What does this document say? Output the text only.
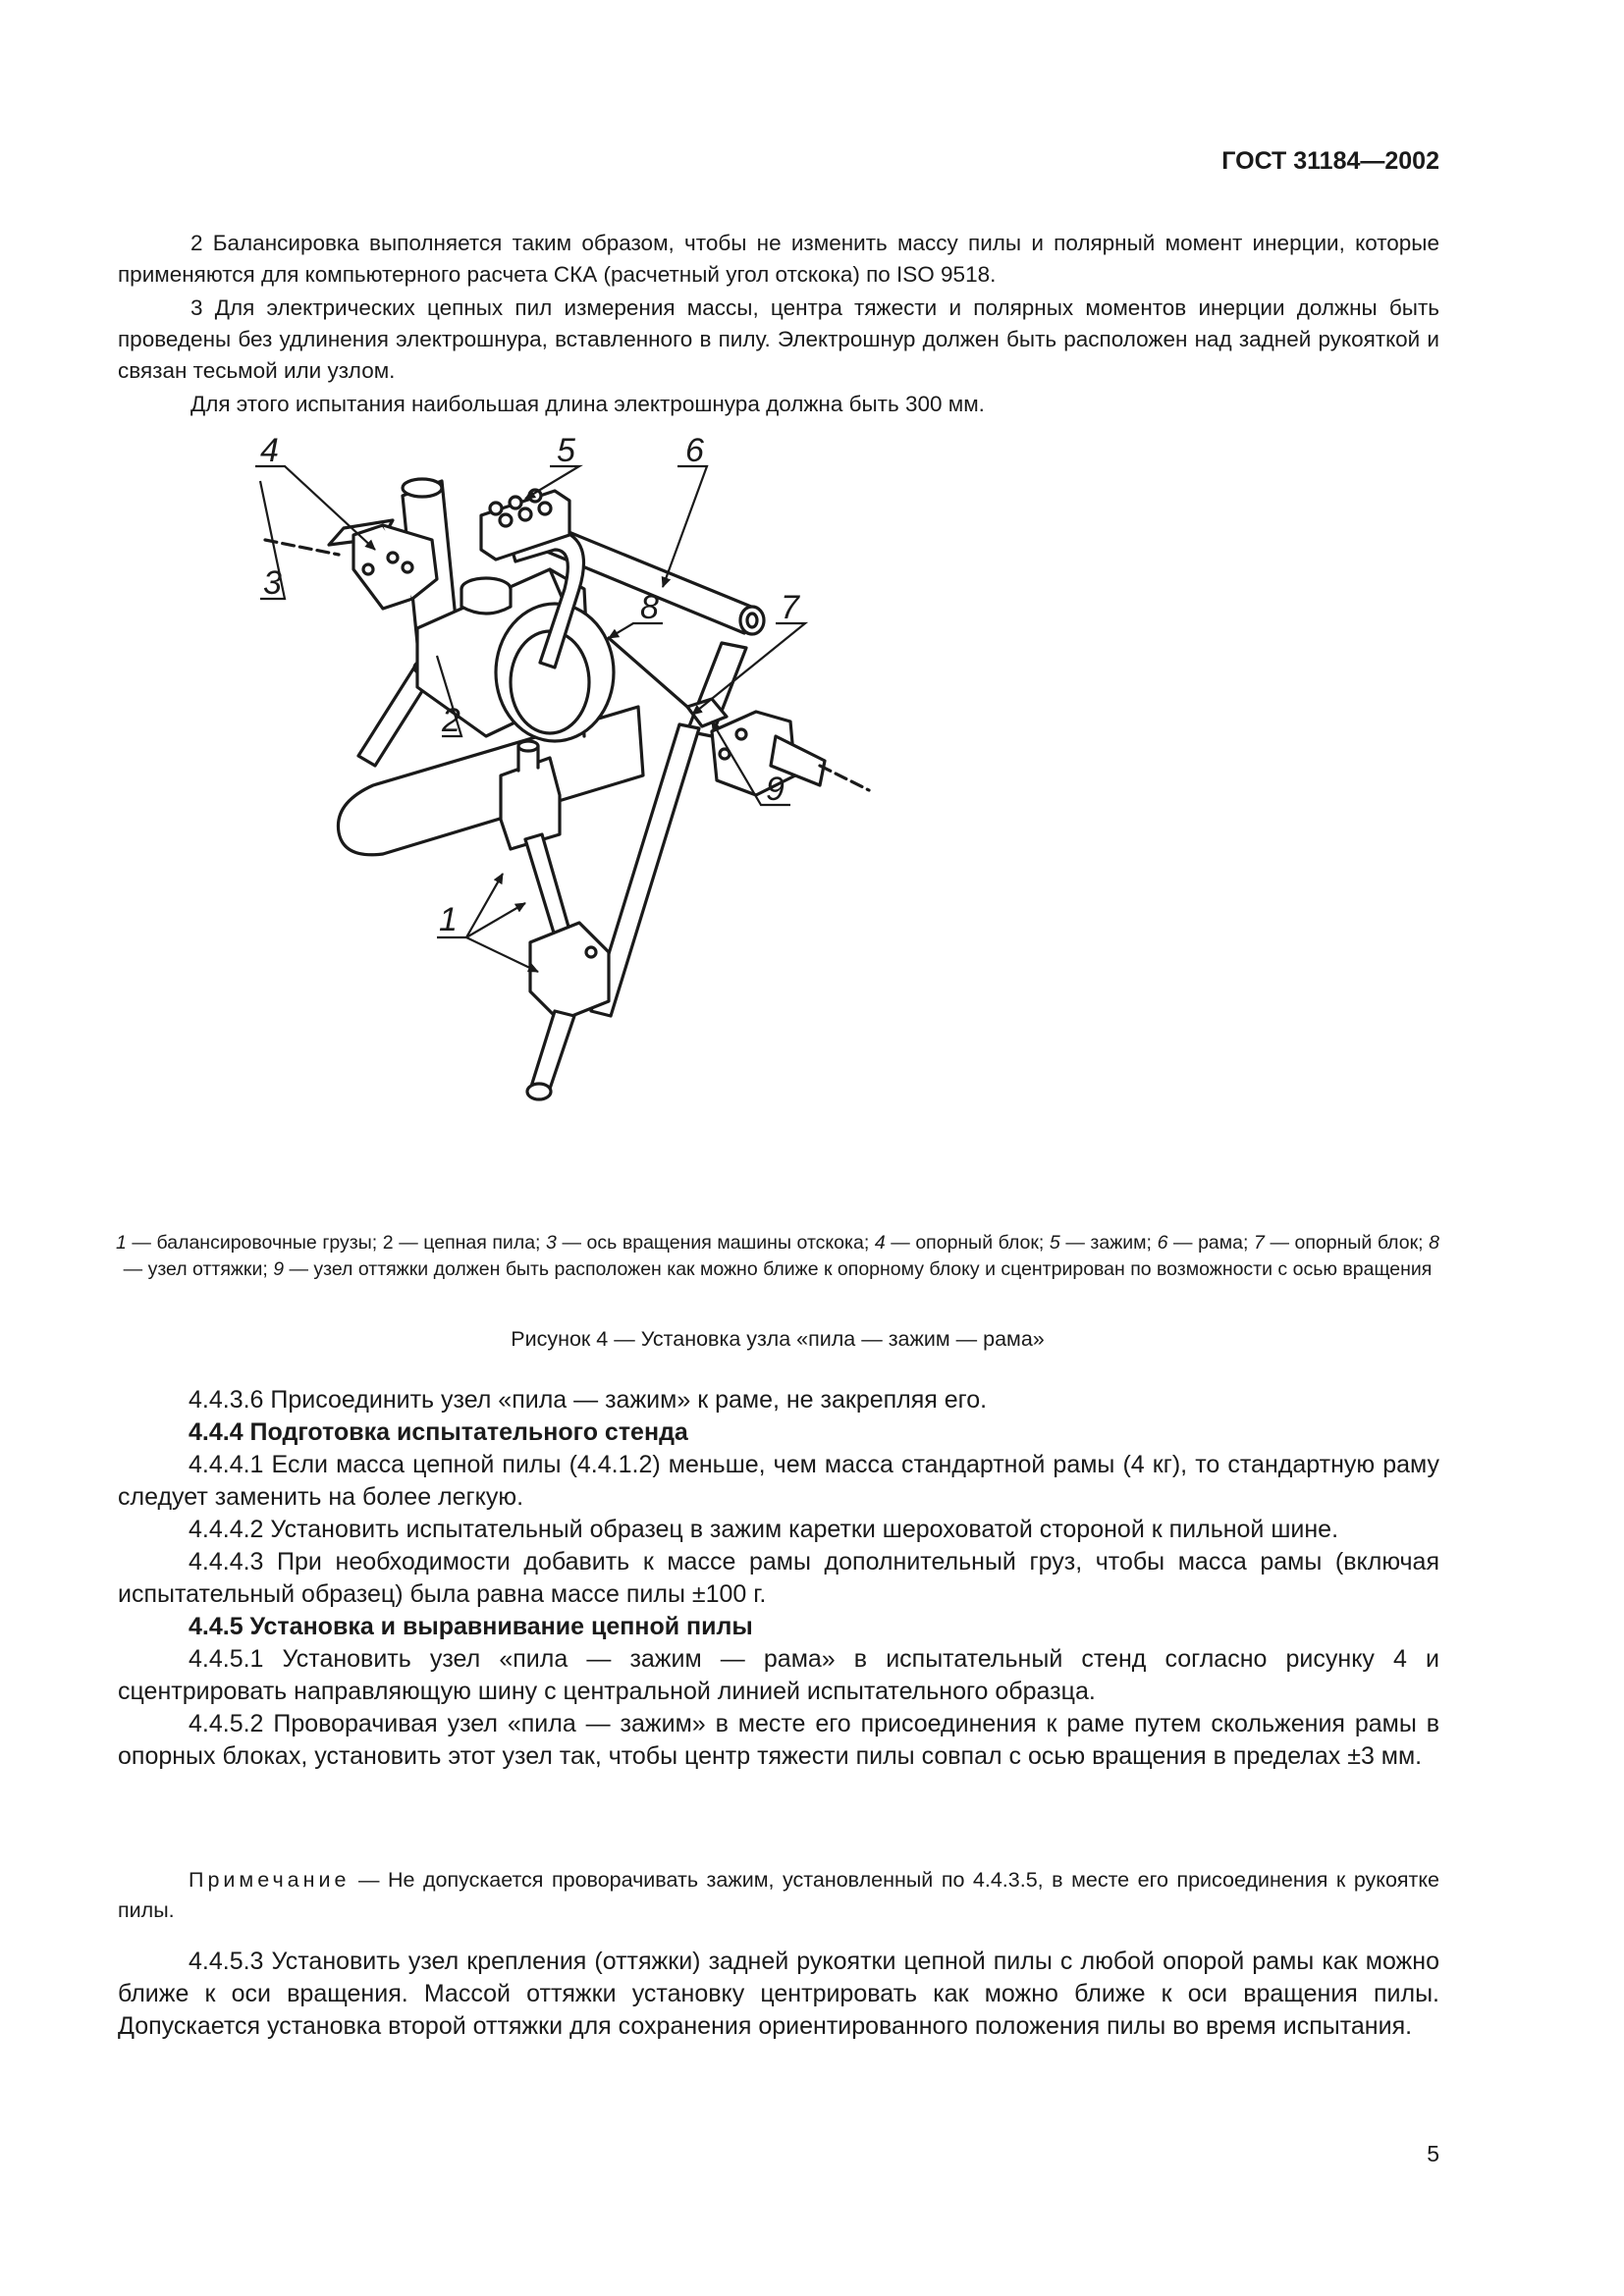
ГОСТ 31184—2002

2 Балансировка выполняется таким образом, чтобы не изменить массу пилы и полярный момент инерции, которые применяются для компьютерного расчета СКА (расчетный угол отскока) по ISO 9518.

3 Для электрических цепных пил измерения массы, центра тяжести и полярных моментов инерции должны быть проведены без удлинения электрошнура, вставленного в пилу. Электрошнур должен быть расположен над задней рукояткой и связан тесьмой или узлом.

Для этого испытания наибольшая длина электрошнура должна быть 300 мм.

4	5	6
3
7
8
2
9
1
1 — балансировочные грузы; 2 — цепная пила; 3 — ось вращения машины отскока; 4 — опорный блок; 5 — зажим; 6 — рама; 7 — опорный блок; 8 — узел оттяжки; 9 — узел оттяжки должен быть расположен как можно ближе к опорному блоку и сцентрирован по возможности с осью вращения
Рисунок 4 — Установка узла «пила — зажим — рама»

4.4.3.6 Присоединить узел «пила — зажим» к раме, не закрепляя его.

4.4.4 Подготовка испытательного стенда

4.4.4.1 Если масса цепной пилы (4.4.1.2) меньше, чем масса стандартной рамы (4 кг), то стандартную раму следует заменить на более легкую.

4.4.4.2 Установить испытательный образец в зажим каретки шероховатой стороной к пильной шине.

4.4.4.3 При необходимости добавить к массе рамы дополнительный груз, чтобы масса рамы (включая испытательный образец) была равна массе пилы ±100 г.

4.4.5 Установка и выравнивание цепной пилы

4.4.5.1 Установить узел «пила — зажим — рама» в испытательный стенд согласно рисунку 4 и сцентрировать направляющую шину с центральной линией испытательного образца.

4.4.5.2 Проворачивая узел «пила — зажим» в месте его присоединения к раме путем скольжения рамы в опорных блоках, установить этот узел так, чтобы центр тяжести пилы совпал с осью вращения в пределах ±3 мм.

Примечание — Не допускается проворачивать зажим, установленный по 4.4.3.5, в месте его присоединения к рукоятке пилы.

4.4.5.3 Установить узел крепления (оттяжки) задней рукоятки цепной пилы с любой опорой рамы как можно ближе к оси вращения. Массой оттяжки установку центрировать как можно ближе к оси вращения пилы. Допускается установка второй оттяжки для сохранения ориентированного положения пилы во время испытания.

5
